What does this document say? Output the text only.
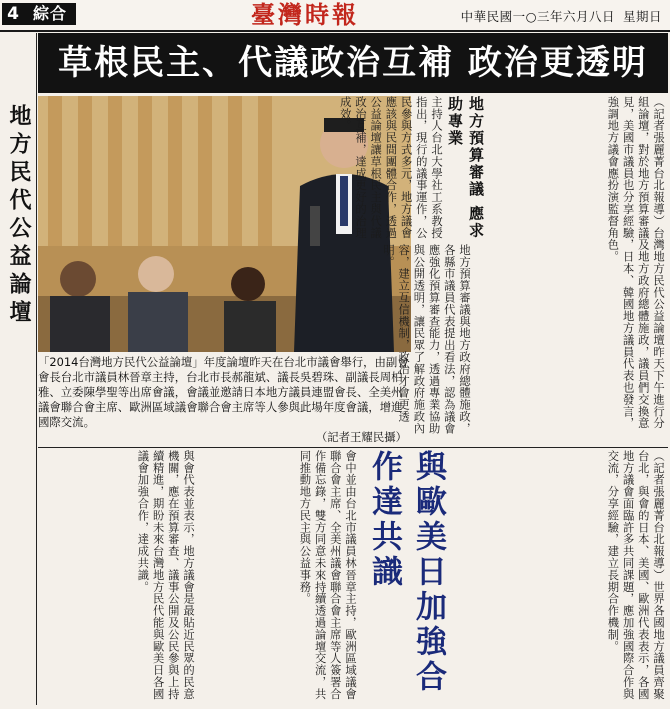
4 綜合	臺灣時報	中華民國一○三年六月八日 星期日
地方民代公益論壇
草根民主、代議政治互補 政治更透明

「2014台灣地方民代公益論壇」年度論壇昨天在台北市議會舉行，由副會會長台北市議員林晉章主持，台北市長郝龍斌、議長吳碧珠、副議長周柏雅、立委陳學聖等出席會議，會議並邀請日本地方議員連盟會長、全美州議會聯合會主席、歐洲區域議會聯合會主席等人參與此場年度會議，增進國際交流。

（記者王耀民攝）

地方預算審議 應求助專業
與歐美日加強合作達共識

（記者張麗菁台北報導）台灣地方民代公益論壇昨天下午進行分組論壇，對於地方預算審議及地方政府總體施政，議員們交換意見，美國市議員也分享經驗，日本、韓國地方議員代表也發言，強調地方議會應扮演監督角色。

地方預算審議與地方政府總體施政，各縣市議員代表提出看法，認為議會應強化預算審查能力，透過專業協助與公開透明，讓民眾了解政府施政內容，建立互信機制，政治才會更透明。

主持人台北大學社工系教授指出，現行的議事運作，公民參與方式多元，地方議會應該與民間團體合作，透過公益論壇讓草根民主與代議政治互補，達成更好的治理成效。

（記者張麗菁台北報導）世界各國地方議員齊聚台北，與會的日本、美國、歐洲代表表示，各國地方議會面臨許多共同課題，應加強國際合作與交流，分享經驗，建立長期合作機制。

會中並由台北市議員林晉章主持，歐洲區域議會聯合會主席、全美州議會聯合會主席等人簽署合作備忘錄，雙方同意未來持續透過論壇交流，共同推動地方民主與公益事務。

與會代表並表示，地方議會是最貼近民眾的民意機關，應在預算審查、議事公開及公民參與上持續精進，期盼未來台灣地方民代能與歐美日各國議會加強合作，達成共識。
